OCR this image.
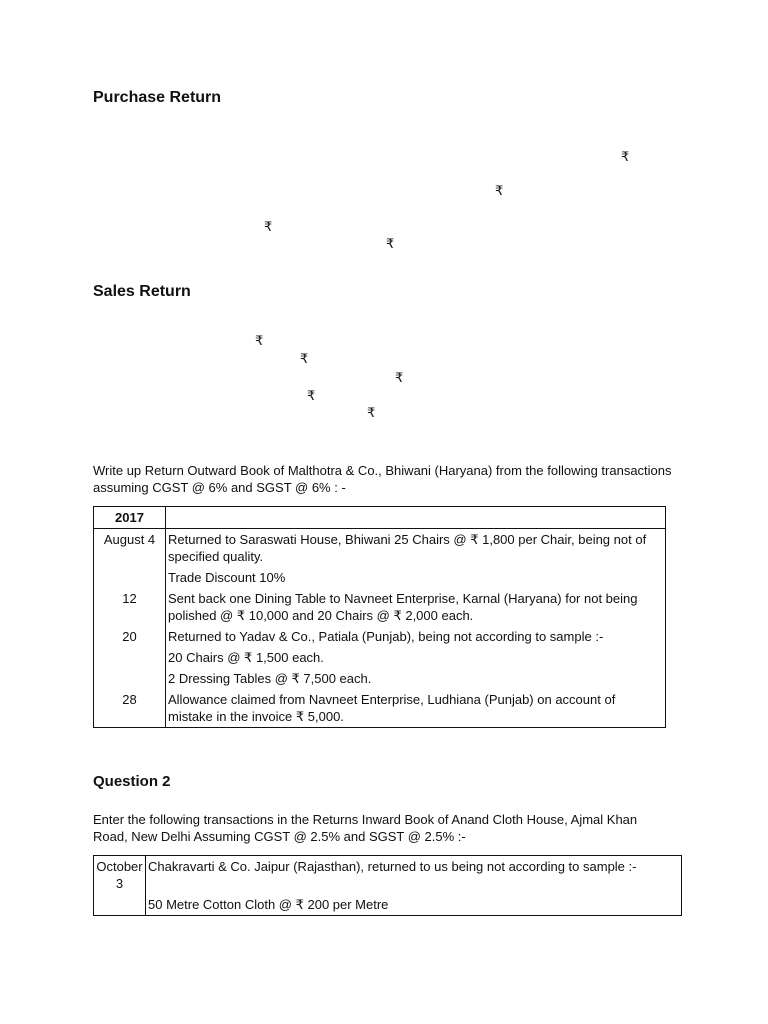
Purchase Return
₹
₹
₹
₹
Sales Return
₹
₹
₹
₹
₹

Write up Return Outward Book of Malthotra & Co., Bhiwani (Haryana) from the following transactions assuming CGST @ 6% and SGST @ 6% : -

2017	
August 4	Returned to Saraswati House, Bhiwani 25 Chairs @ ₹ 1,800 per Chair, being not of specified quality.
	Trade Discount 10%
12	Sent back one Dining Table to Navneet Enterprise, Karnal (Haryana) for not being polished @ ₹ 10,000 and 20 Chairs @ ₹ 2,000 each.
20	Returned to Yadav & Co., Patiala (Punjab), being not according to sample :-
	20 Chairs @ ₹ 1,500 each.
	2 Dressing Tables @ ₹ 7,500 each.
28	Allowance claimed from Navneet Enterprise, Ludhiana (Punjab) on account of mistake in the invoice ₹ 5,000.
Question 2

Enter the following transactions in the Returns Inward Book of Anand Cloth House, Ajmal Khan Road, New Delhi Assuming CGST @ 2.5% and SGST @ 2.5% :-

October 3	Chakravarti & Co. Jaipur (Rajasthan), returned to us being not according to sample :-
	50 Metre Cotton Cloth @ ₹ 200 per Metre
